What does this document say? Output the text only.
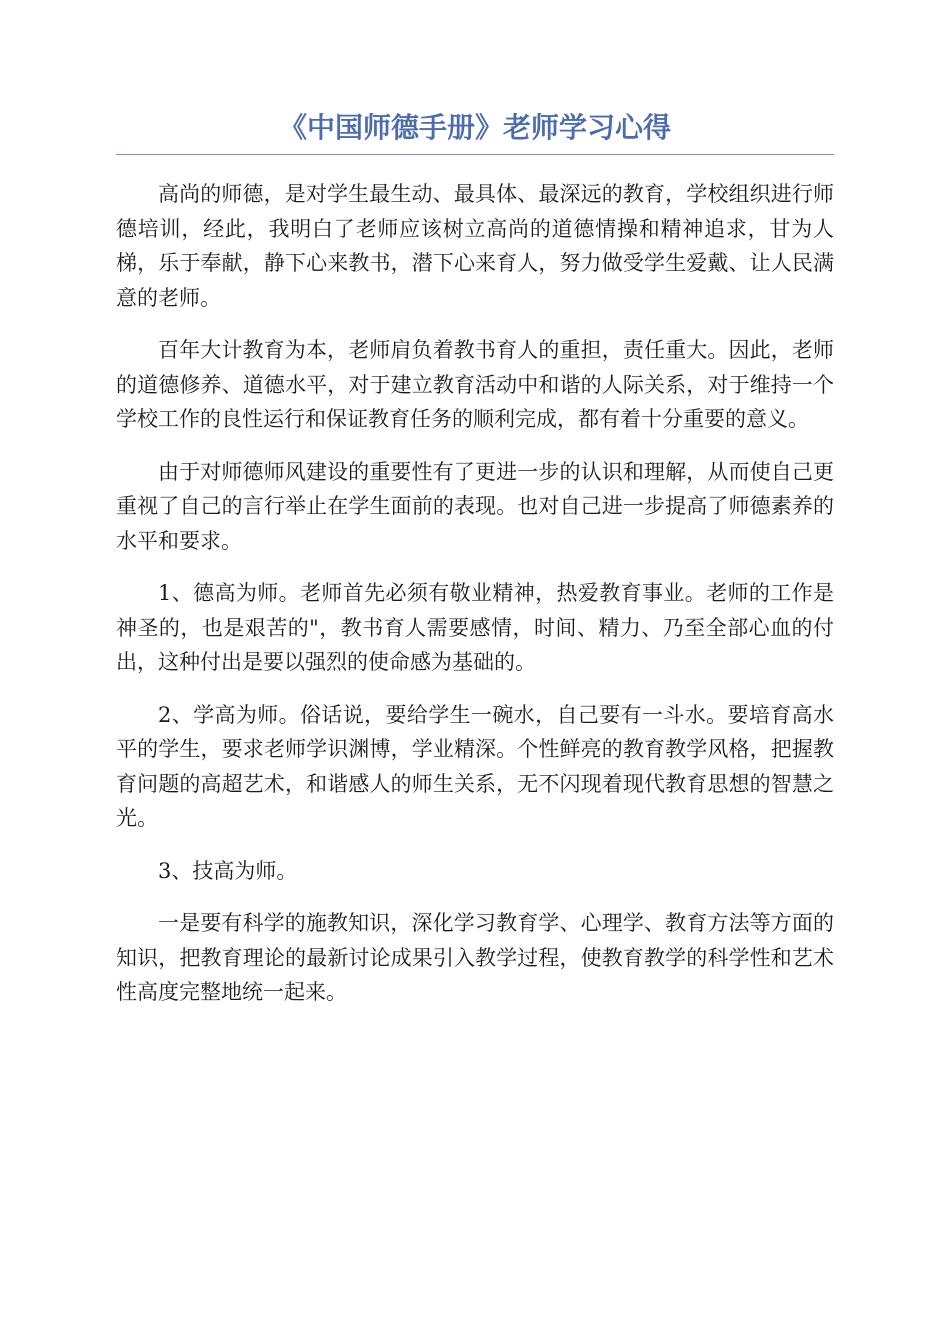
《中国师德手册》老师学习心得

高尚的师德，是对学生最生动、最具体、最深远的教育，学校组织进行师德培训，经此，我明白了老师应该树立高尚的道德情操和精神追求，甘为人梯，乐于奉献，静下心来教书，潜下心来育人，努力做受学生爱戴、让人民满意的老师。

百年大计教育为本，老师肩负着教书育人的重担，责任重大。因此，老师的道德修养、道德水平，对于建立教育活动中和谐的人际关系，对于维持一个学校工作的良性运行和保证教育任务的顺利完成，都有着十分重要的意义。

由于对师德师风建设的重要性有了更进一步的认识和理解，从而使自己更重视了自己的言行举止在学生面前的表现。也对自己进一步提高了师德素养的水平和要求。

1、德高为师。老师首先必须有敬业精神，热爱教育事业。老师的工作是神圣的，也是艰苦的"，教书育人需要感情，时间、精力、乃至全部心血的付出，这种付出是要以强烈的使命感为基础的。

2、学高为师。俗话说，要给学生一碗水，自己要有一斗水。要培育高水平的学生，要求老师学识渊博，学业精深。个性鲜亮的教育教学风格，把握教育问题的高超艺术，和谐感人的师生关系，无不闪现着现代教育思想的智慧之光。

3、技高为师。

一是要有科学的施教知识，深化学习教育学、心理学、教育方法等方面的知识，把教育理论的最新讨论成果引入教学过程，使教育教学的科学性和艺术性高度完整地统一起来。
